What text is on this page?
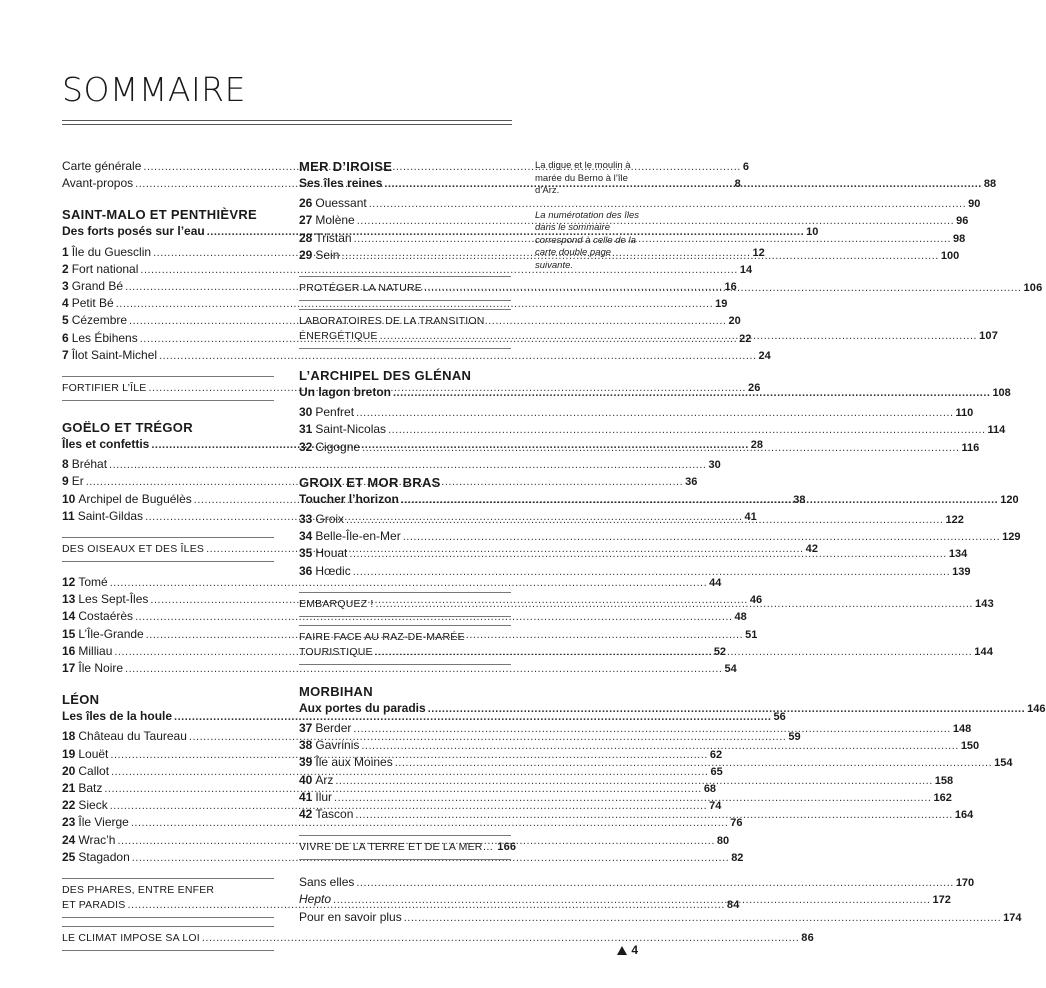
SOMMAIRE
Carte générale .....	6
Avant-propos .....	8
SAINT-MALO ET PENTHIÈVRE
Des forts posés sur l’eau .....	10
1 Île du Guesclin .....	12
2 Fort national .....	14
3 Grand Bé .....	16
4 Petit Bé .....	19
5 Cézembre .....	20
6 Les Ébihens .....	22
7 Îlot Saint-Michel .....	24
FORTIFIER L’ÎLE .....	26
GOËLO ET TRÉGOR
Îles et confettis .....	28
8 Bréhat .....	30
9 Er .....	36
10 Archipel de Buguélès .....	38
11 Saint-Gildas .....	41
DES OISEAUX ET DES ÎLES .....	42
12 Tomé .....	44
13 Les Sept-Îles .....	46
14 Costaérès .....	48
15 L’Île-Grande .....	51
16 Milliau .....	52
17 Île Noire .....	54
LÉON
Les îles de la houle .....	56
18 Château du Taureau .....	59
19 Louët .....	62
20 Callot .....	65
21 Batz .....	68
22 Sieck .....	74
23 Île Vierge .....	76
24 Wrac’h .....	80
25 Stagadon .....	82
DES PHARES, ENTRE ENFER
ET PARADIS .....	84
LE CLIMAT IMPOSE SA LOI .....	86
MER D’IROISE
Ses îles reines .....	88
26 Ouessant .....	90
27 Molène .....	96
28 Tristan .....	98
29 Sein .....	100
PROTÉGER LA NATURE .....	106
LABORATOIRES DE LA TRANSITION
ÉNERGÉTIQUE .....	107
L’ARCHIPEL DES GLÉNAN
Un lagon breton .....	108
30 Penfret .....	110
31 Saint-Nicolas .....	114
32 Cigogne .....	116
GROIX ET MOR BRAS
Toucher l’horizon .....	120
33 Groix .....	122
34 Belle-Île-en-Mer .....	129
35 Houat .....	134
36 Hœdic .....	139
EMBARQUEZ ! .....	143
FAIRE FACE AU RAZ-DE-MARÉE
TOURISTIQUE .....	144
MORBIHAN
Aux portes du paradis .....	146
37 Berder .....	148
38 Gavrinis .....	150
39 Île aux Moines .....	154
40 Arz .....	158
41 Ilur .....	162
42 Tascon .....	164
VIVRE DE LA TERRE ET DE LA MER… 166
Sans elles .....	170
Hepto .....	172
Pour en savoir plus .....	174

La digue et le moulin à marée du Berno à l’île d’Arz.

La numérotation des îles dans le sommaire correspond à celle de la carte double page suivante.

4
